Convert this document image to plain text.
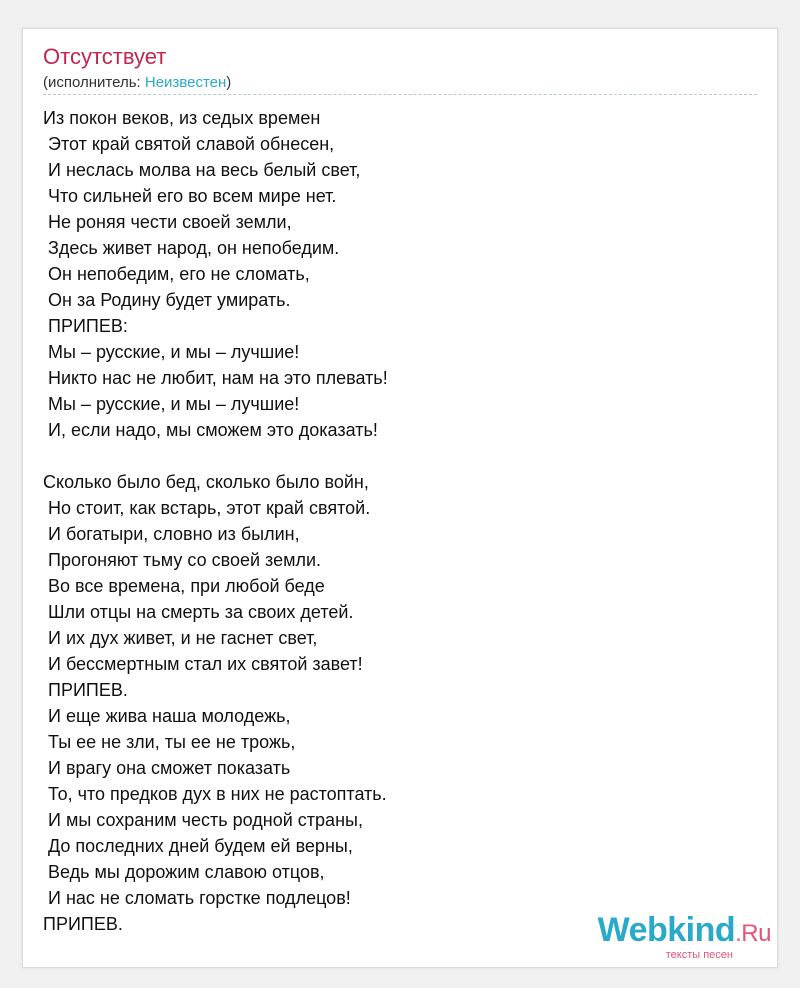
Отсутствует
(исполнитель: Неизвестен)
Из покон веков, из седых времен
Этот край святой славой обнесен,
И неслась молва на весь белый свет,
Что сильней его во всем мире нет.
Не роняя чести своей земли,
Здесь живет народ, он непобедим.
Он непобедим, его не сломать,
Он за Родину будет умирать.
ПРИПЕВ:
Мы – русские, и мы – лучшие!
Никто нас не любит, нам на это плевать!
Мы – русские, и мы – лучшие!
И, если надо, мы сможем это доказать!
Сколько было бед, сколько было войн,
Но стоит, как встарь, этот край святой.
И богатыри, словно из былин,
Прогоняют тьму со своей земли.
Во все времена, при любой беде
Шли отцы на смерть за своих детей.
И их дух живет, и не гаснет свет,
И бессмертным стал их святой завет!
ПРИПЕВ.
И еще жива наша молодежь,
Ты ее не зли, ты ее не трожь,
И врагу она сможет показать
То, что предков дух в них не растоптать.
И мы сохраним честь родной страны,
До последних дней будем ей верны,
Ведь мы дорожим славою отцов,
И нас не сломать горстке подлецов!
ПРИПЕВ.	Webkind.Ru
тексты песен
